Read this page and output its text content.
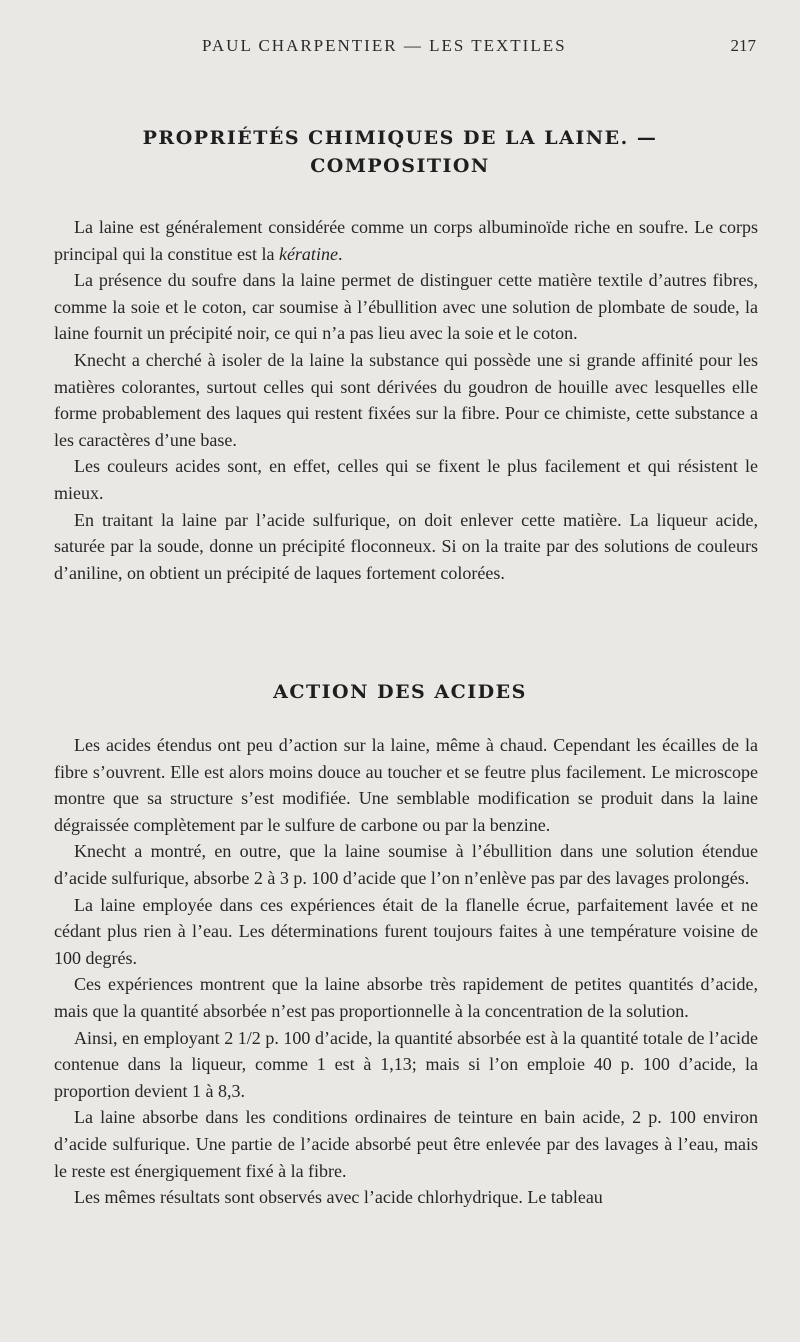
PAUL CHARPENTIER — LES TEXTILES	217
PROPRIÉTÉS CHIMIQUES DE LA LAINE. —
COMPOSITION

La laine est généralement considérée comme un corps albuminoïde riche en soufre. Le corps principal qui la constitue est la kératine.

La présence du soufre dans la laine permet de distinguer cette matière textile d’autres fibres, comme la soie et le coton, car soumise à l’ébullition avec une solution de plombate de soude, la laine fournit un précipité noir, ce qui n’a pas lieu avec la soie et le coton.

Knecht a cherché à isoler de la laine la substance qui possède une si grande affinité pour les matières colorantes, surtout celles qui sont dérivées du goudron de houille avec lesquelles elle forme probablement des laques qui restent fixées sur la fibre. Pour ce chimiste, cette substance a les caractères d’une base.

Les couleurs acides sont, en effet, celles qui se fixent le plus facilement et qui résistent le mieux.

En traitant la laine par l’acide sulfurique, on doit enlever cette matière. La liqueur acide, saturée par la soude, donne un précipité floconneux. Si on la traite par des solutions de couleurs d’aniline, on obtient un précipité de laques fortement colorées.

ACTION DES ACIDES

Les acides étendus ont peu d’action sur la laine, même à chaud. Cependant les écailles de la fibre s’ouvrent. Elle est alors moins douce au toucher et se feutre plus facilement. Le microscope montre que sa structure s’est modifiée. Une semblable modification se produit dans la laine dégraissée complètement par le sulfure de carbone ou par la benzine.

Knecht a montré, en outre, que la laine soumise à l’ébullition dans une solution étendue d’acide sulfurique, absorbe 2 à 3 p. 100 d’acide que l’on n’enlève pas par des lavages prolongés.

La laine employée dans ces expériences était de la flanelle écrue, parfaitement lavée et ne cédant plus rien à l’eau. Les déterminations furent toujours faites à une température voisine de 100 degrés.

Ces expériences montrent que la laine absorbe très rapidement de petites quantités d’acide, mais que la quantité absorbée n’est pas proportionnelle à la concentration de la solution.

Ainsi, en employant 2 1/2 p. 100 d’acide, la quantité absorbée est à la quantité totale de l’acide contenue dans la liqueur, comme 1 est à 1,13; mais si l’on emploie 40 p. 100 d’acide, la proportion devient 1 à 8,3.

La laine absorbe dans les conditions ordinaires de teinture en bain acide, 2 p. 100 environ d’acide sulfurique. Une partie de l’acide absorbé peut être enlevée par des lavages à l’eau, mais le reste est énergiquement fixé à la fibre.

Les mêmes résultats sont observés avec l’acide chlorhydrique. Le tableau
